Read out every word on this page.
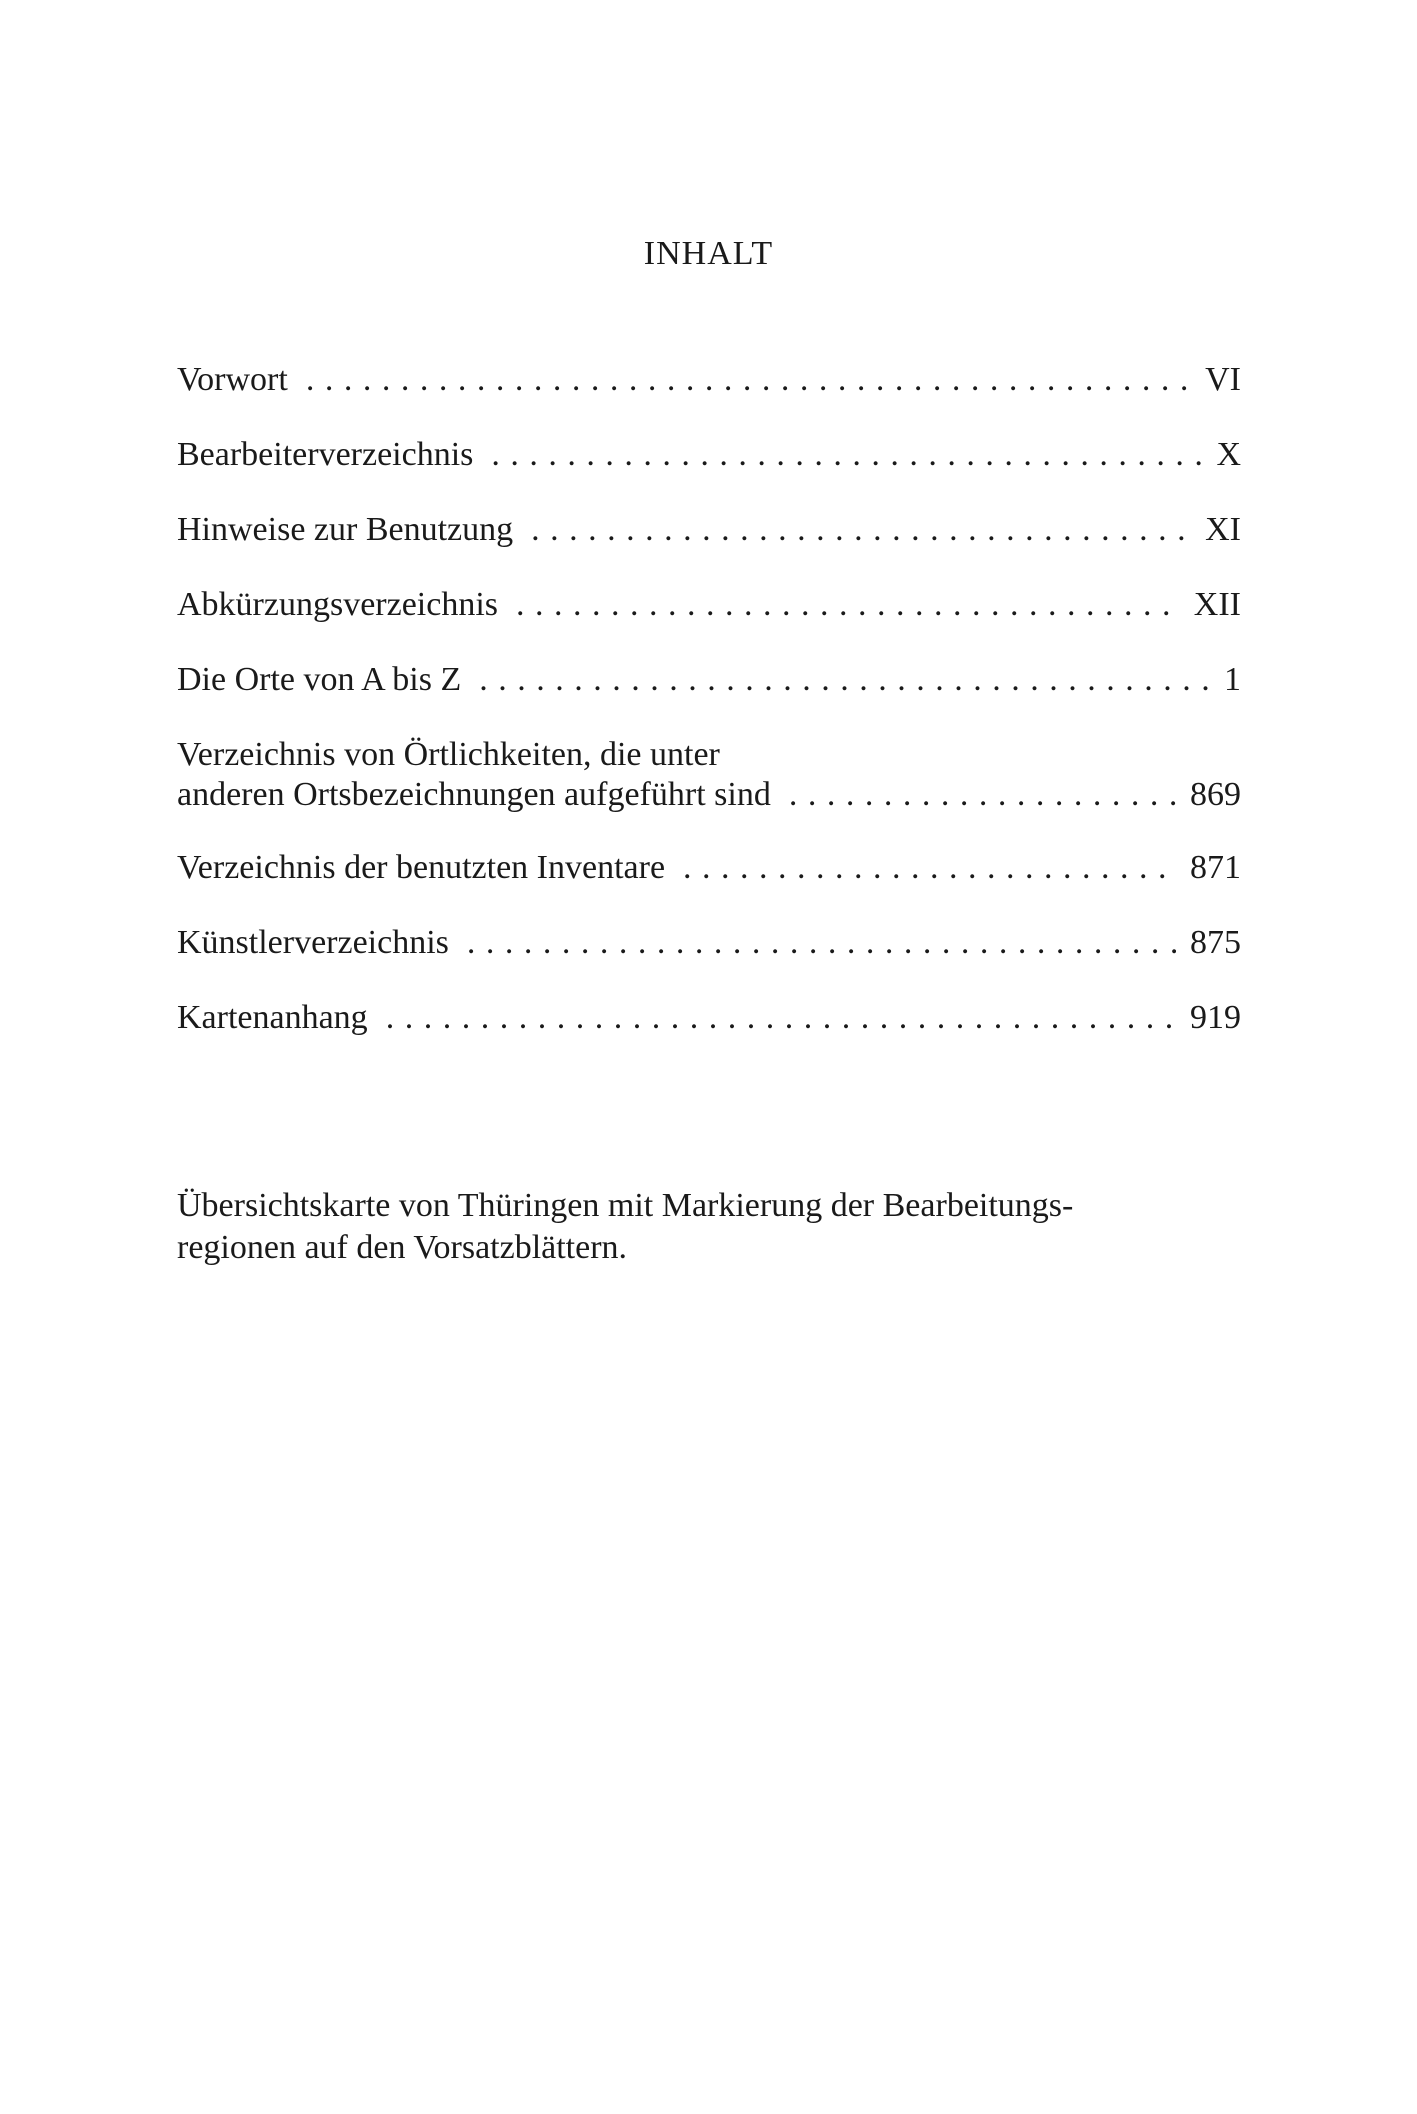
INHALT
Vorwort . . .	VI
Bearbeiterverzeichnis . . .	X
Hinweise zur Benutzung . . .	XI
Abkürzungsverzeichnis . . .	XII
Die Orte von A bis Z . . .	1
Verzeichnis von Örtlichkeiten, die unter
anderen Ortsbezeichnungen aufgeführt sind . . .	869
Verzeichnis der benutzten Inventare . . .	871
Künstlerverzeichnis . . .	875
Kartenanhang . . .	919
Übersichtskarte von Thüringen mit Markierung der Bearbeitungs-
regionen auf den Vorsatzblättern.
